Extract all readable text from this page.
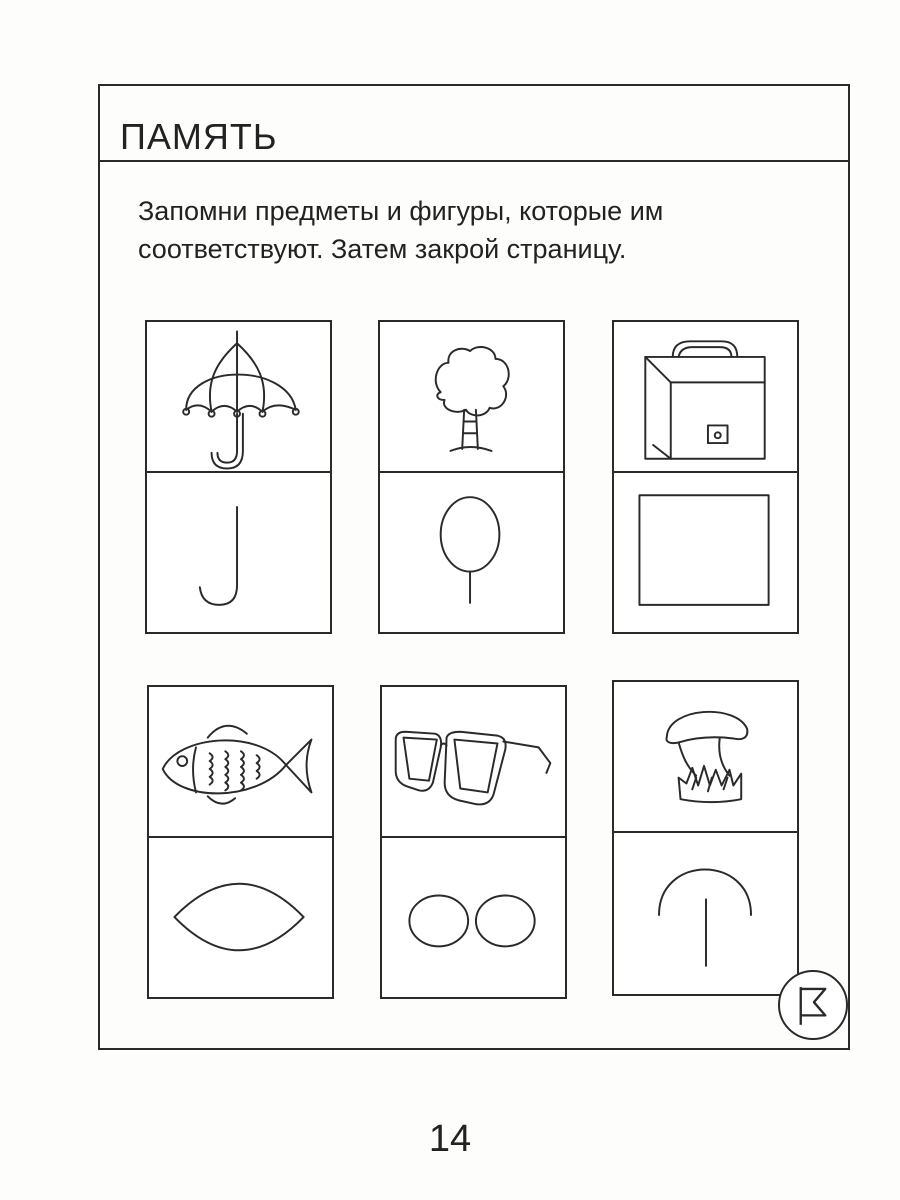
ПАМЯТЬ
Запомни предметы и фигуры, которые им
соответствуют. Затем закрой страницу.
14
